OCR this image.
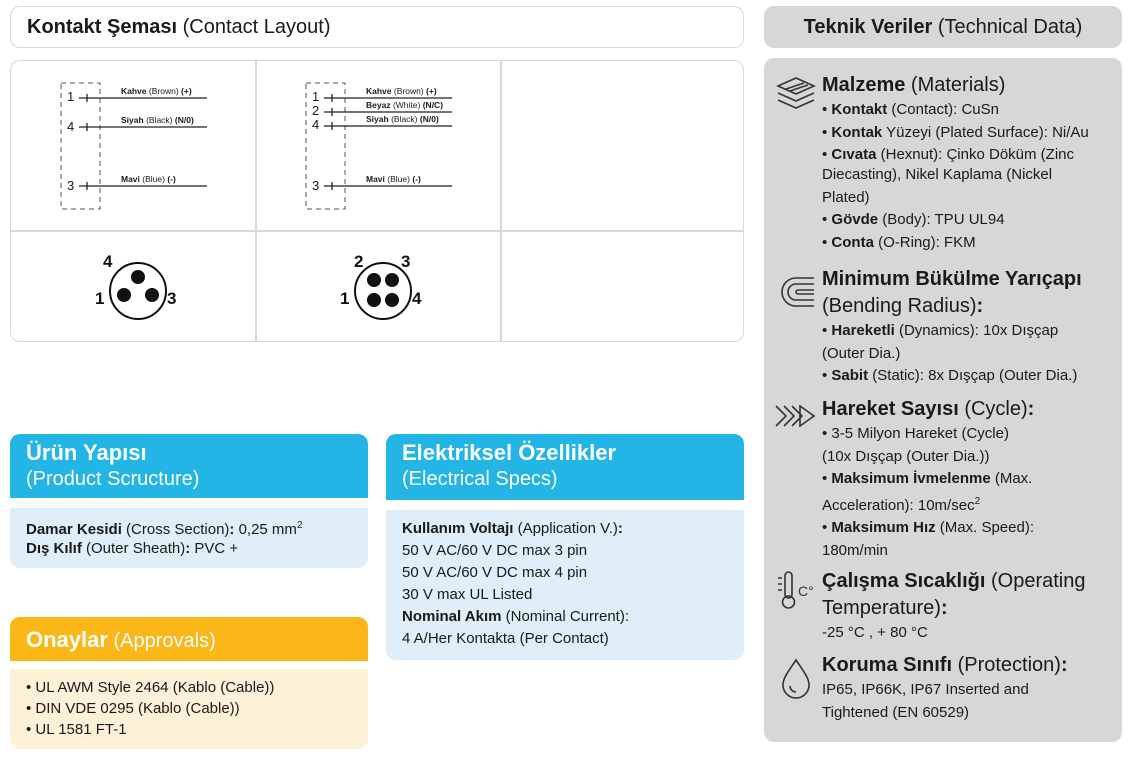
Kontakt Şeması (Contact Layout)
1
4
3
Kahve (Brown) (+)
Siyah (Black) (N/0)
Mavi (Blue) (-)
1
2
4
3
Kahve (Brown) (+)
Beyaz (White) (N/C)
Siyah (Black) (N/0)
Mavi (Blue) (-)
4
1	3
2 3
1	4
Ürün Yapısı
(Product Scructure)
Damar Kesidi (Cross Section): 0,25 $mm^2$
Dış Kılıf (Outer Sheath): PVC +
Elektriksel Özellikler
(Electrical Specs)
Kullanım Voltajı (Application V.):
50 V AC/60 V DC max 3 pin
50 V AC/60 V DC max 4 pin
30 V max UL Listed
Nominal Akım (Nominal Current):
4 A/Her Kontakta (Per Contact)
Onaylar (Approvals)
• UL AWM Style 2464 (Kablo (Cable))
• DIN VDE 0295 (Kablo (Cable))
• UL 1581 FT-1
Teknik Veriler (Technical Data)
Malzeme (Materials)
• Kontakt (Contact): CuSn
• Kontak Yüzeyi (Plated Surface): Ni/Au
• Cıvata (Hexnut): Çinko Döküm (Zinc
Diecasting), Nikel Kaplama (Nickel
Plated)
• Gövde (Body): TPU UL94
• Conta (O-Ring): FKM
Minimum Bükülme Yarıçapı
(Bending Radius):
• Hareketli (Dynamics): 10x Dışçap
(Outer Dia.)
• Sabit (Static): 8x Dışçap (Outer Dia.)
Hareket Sayısı (Cycle):
• 3-5 Milyon Hareket (Cycle)
(10x Dışçap (Outer Dia.))
• Maksimum İvmelenme (Max.
Acceleration): $10m/\sec^2$
• Maksimum Hız (Max. Speed):
180m/min
C° Çalışma Sıcaklığı (Operating
Temperature):
-25 °C , + 80 °C
Koruma Sınıfı (Protection):
IP65, IP66K, IP67 Inserted and
Tightened (EN 60529)
